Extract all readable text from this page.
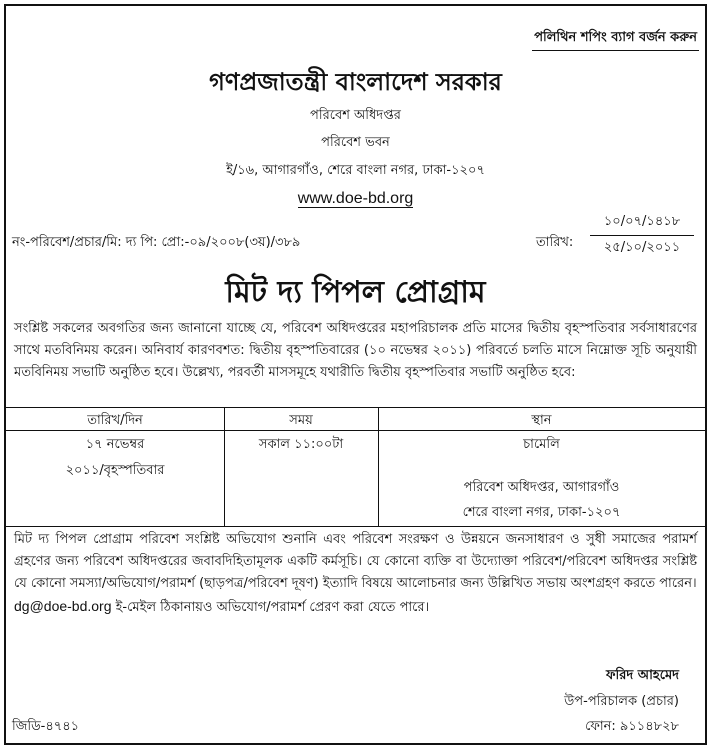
পলিথিন শপিং ব্যাগ বর্জন করুন
গণপ্রজাতন্ত্রী বাংলাদেশ সরকার
পরিবেশ অধিদপ্তর
পরিবেশ ভবন
ই/১৬, আগারগাঁও, শেরে বাংলা নগর, ঢাকা-১২০৭
www.doe-bd.org
নং-পরিবেশ/প্রচার/মি: দ্য পি: প্রো:-০৯/২০০৮(৩য়)/৩৮৯	তারিখ:
১০/০৭/১৪১৮
২৫/১০/২০১১
মিট দ্য পিপল প্রোগ্রাম

সংশ্লিষ্ট সকলের অবগতির জন্য জানানো যাচ্ছে যে, পরিবেশ অধিদপ্তরের মহাপরিচালক প্রতি মাসের দ্বিতীয় বৃহস্পতিবার সর্বসাধারণের সাথে মতবিনিময় করেন। অনিবার্য কারণবশত: দ্বিতীয় বৃহস্পতিবারের (১০ নভেম্বর ২০১১) পরিবর্তে চলতি মাসে নিম্নোক্ত সূচি অনুযায়ী মতবিনিময় সভাটি অনুষ্ঠিত হবে। উল্লেখ্য, পরবর্তী মাসসমূহে যথারীতি দ্বিতীয় বৃহস্পতিবার সভাটি অনুষ্ঠিত হবে:

তারিখ/দিন	সময়	স্থান
১৭ নভেম্বর
২০১১/বৃহস্পতিবার
সকাল ১১:০০টা	চামেলি
পরিবেশ অধিদপ্তর, আগারগাঁও
শেরে বাংলা নগর, ঢাকা-১২০৭

মিট দ্য পিপল প্রোগ্রাম পরিবেশ সংশ্লিষ্ট অভিযোগ শুনানি এবং পরিবেশ সংরক্ষণ ও উন্নয়নে জনসাধারণ ও সুধী সমাজের পরামর্শ গ্রহণের জন্য পরিবেশ অধিদপ্তরের জবাবদিহিতামূলক একটি কর্মসূচি। যে কোনো ব্যক্তি বা উদ্যোক্তা পরিবেশ/পরিবেশ অধিদপ্তর সংশ্লিষ্ট যে কোনো সমস্যা/অভিযোগ/পরামর্শ (ছাড়পত্র/পরিবেশ দূষণ) ইত্যাদি বিষয়ে আলোচনার জন্য উল্লিখিত সভায় অংশগ্রহণ করতে পারেন।

dg@doe-bd.org ই-মেইল ঠিকানায়ও অভিযোগ/পরামর্শ প্রেরণ করা যেতে পারে।

ফরিদ আহমেদ
উপ-পরিচালক (প্রচার)
জিডি-৪৭৪১	ফোন: ৯১১৪৮২৮
